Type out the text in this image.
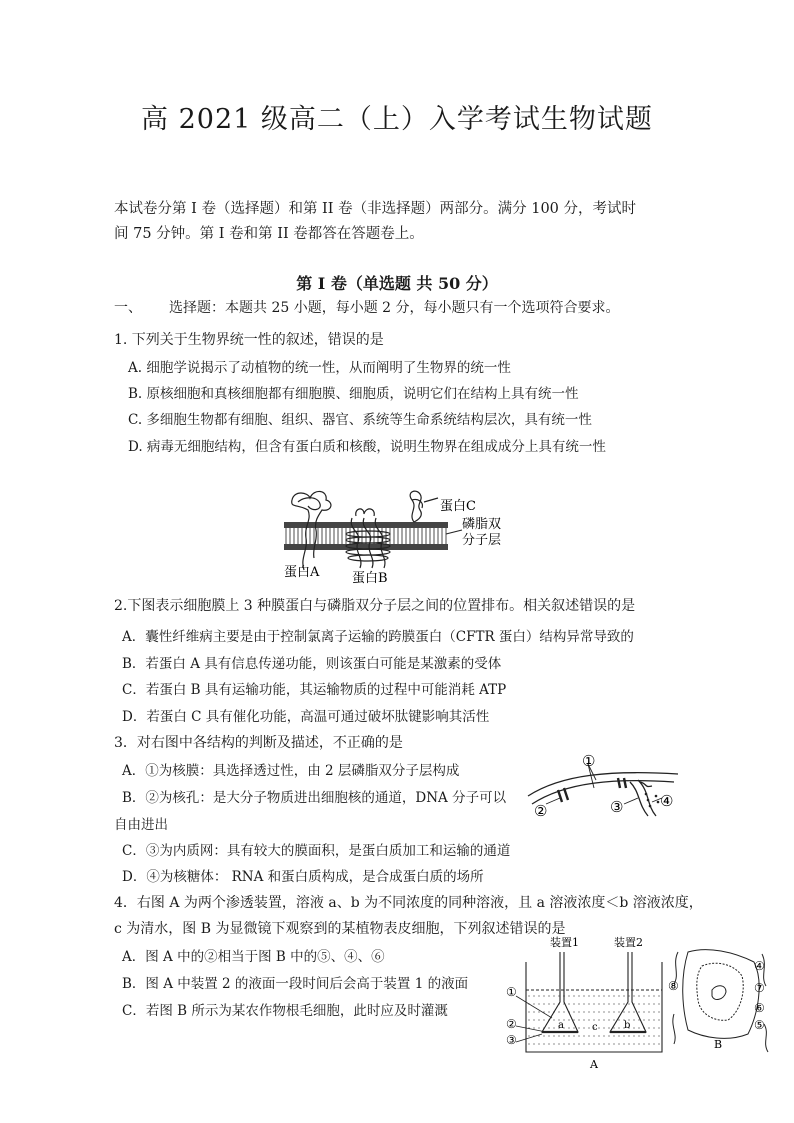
高 2021 级高二（上）入学考试生物试题
本试卷分第 I 卷（选择题）和第 II 卷（非选择题）两部分。满分 100 分，考试时
间 75 分钟。第 I 卷和第 II 卷都答在答题卷上。
第 I 卷（单选题 共 50 分）
一、 选择题：本题共 25 小题，每小题 2 分，每小题只有一个选项符合要求。
1. 下列关于生物界统一性的叙述，错误的是
A. 细胞学说揭示了动植物的统一性，从而阐明了生物界的统一性
B. 原核细胞和真核细胞都有细胞膜、细胞质，说明它们在结构上具有统一性
C. 多细胞生物都有细胞、组织、器官、系统等生命系统结构层次，具有统一性
D. 病毒无细胞结构，但含有蛋白质和核酸，说明生物界在组成成分上具有统一性
蛋白C
磷脂双
分子层
蛋白A	蛋白B
2.下图表示细胞膜上 3 种膜蛋白与磷脂双分子层之间的位置排布。相关叙述错误的是
A．囊性纤维病主要是由于控制氯离子运输的跨膜蛋白（CFTR 蛋白）结构异常导致的
B．若蛋白 A 具有信息传递功能，则该蛋白可能是某激素的受体
C．若蛋白 B 具有运输功能，其运输物质的过程中可能消耗 ATP
D．若蛋白 C 具有催化功能，高温可通过破坏肽键影响其活性
3．对右图中各结构的判断及描述，不正确的是
A．①为核膜：具选择透过性，由 2 层磷脂双分子层构成
B．②为核孔：是大分子物质进出细胞核的通道，DNA 分子可以
自由进出
C．③为内质网：具有较大的膜面积，是蛋白质加工和运输的通道
D．④为核糖体： RNA 和蛋白质构成，是合成蛋白质的场所
①
②	③ ④
4．右图 A 为两个渗透装置，溶液 a、b 为不同浓度的同种溶液，且 a 溶液浓度＜b 溶液浓度，
c 为清水，图 B 为显微镜下观察到的某植物表皮细胞，下列叙述错误的是
A．图 A 中的②相当于图 B 中的⑤、④、⑥
B．图 A 中装置 2 的液面一段时间后会高于装置 1 的液面
C．若图 B 所示为某农作物根毛细胞，此时应及时灌溉
装置1	装置2
a	b
c
①
②
③
A
⑧
④
⑦
⑥
⑤
B
